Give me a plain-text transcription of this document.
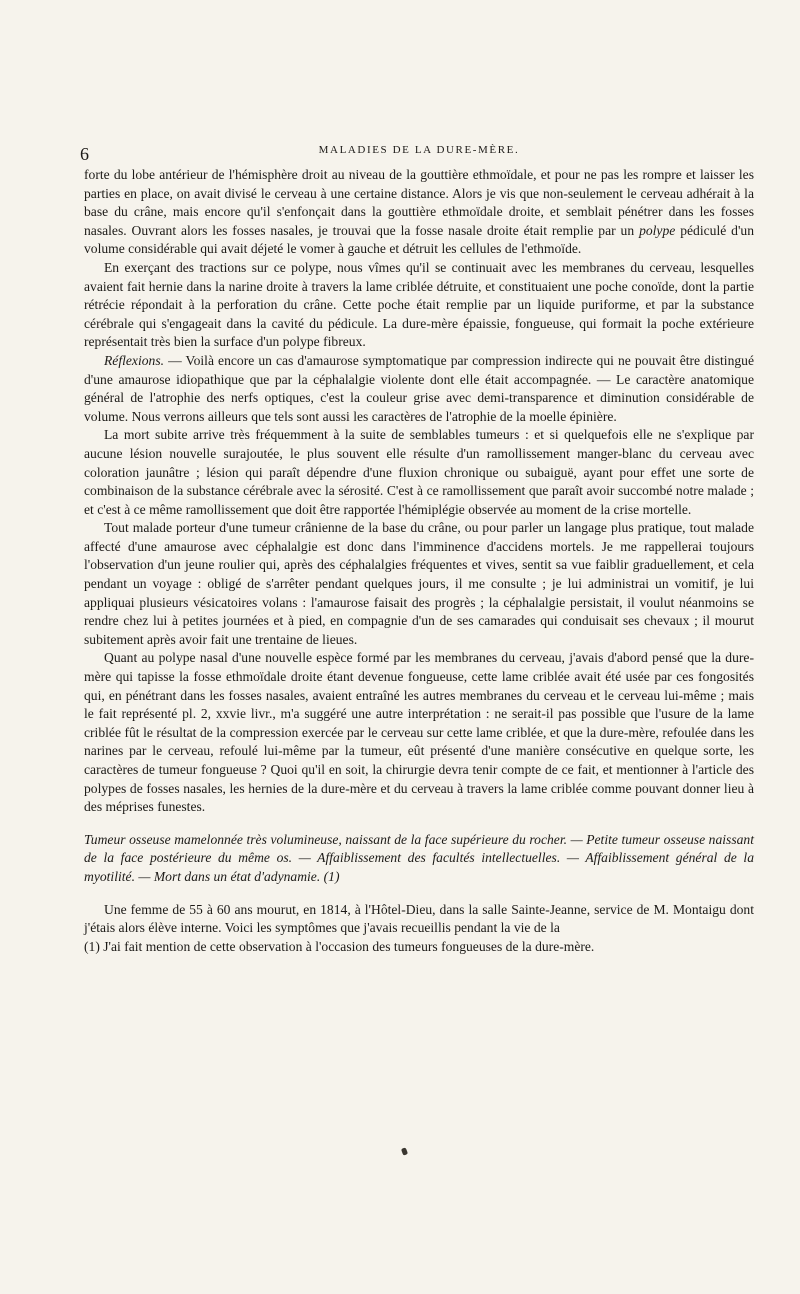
6	MALADIES DE LA DURE-MÈRE.

forte du lobe antérieur de l'hémisphère droit au niveau de la gouttière ethmoïdale, et pour ne pas les rompre et laisser les parties en place, on avait divisé le cerveau à une certaine distance. Alors je vis que non-seulement le cerveau adhérait à la base du crâne, mais encore qu'il s'enfonçait dans la gouttière ethmoïdale droite, et semblait pénétrer dans les fosses nasales. Ouvrant alors les fosses nasales, je trouvai que la fosse nasale droite était remplie par un polype pédiculé d'un volume considérable qui avait déjeté le vomer à gauche et détruit les cellules de l'ethmoïde.

En exerçant des tractions sur ce polype, nous vîmes qu'il se continuait avec les membranes du cerveau, lesquelles avaient fait hernie dans la narine droite à travers la lame criblée détruite, et constituaient une poche conoïde, dont la partie rétrécie répondait à la perforation du crâne. Cette poche était remplie par un liquide puriforme, et par la substance cérébrale qui s'engageait dans la cavité du pédicule. La dure-mère épaissie, fongueuse, qui formait la poche extérieure représentait très bien la surface d'un polype fibreux.

Réflexions. — Voilà encore un cas d'amaurose symptomatique par compression indirecte qui ne pouvait être distingué d'une amaurose idiopathique que par la céphalalgie violente dont elle était accompagnée. — Le caractère anatomique général de l'atrophie des nerfs optiques, c'est la couleur grise avec demi-transparence et diminution considérable de volume. Nous verrons ailleurs que tels sont aussi les caractères de l'atrophie de la moelle épinière.

La mort subite arrive très fréquemment à la suite de semblables tumeurs : et si quelquefois elle ne s'explique par aucune lésion nouvelle surajoutée, le plus souvent elle résulte d'un ramollissement manger-blanc du cerveau avec coloration jaunâtre ; lésion qui paraît dépendre d'une fluxion chronique ou subaiguë, ayant pour effet une sorte de combinaison de la substance cérébrale avec la sérosité. C'est à ce ramollissement que paraît avoir succombé notre malade ; et c'est à ce même ramollissement que doit être rapportée l'hémiplégie observée au moment de la crise mortelle.

Tout malade porteur d'une tumeur crânienne de la base du crâne, ou pour parler un langage plus pratique, tout malade affecté d'une amaurose avec céphalalgie est donc dans l'imminence d'accidens mortels. Je me rappellerai toujours l'observation d'un jeune roulier qui, après des céphalalgies fréquentes et vives, sentit sa vue faiblir graduellement, et cela pendant un voyage : obligé de s'arrêter pendant quelques jours, il me consulte ; je lui administrai un vomitif, je lui appliquai plusieurs vésicatoires volans : l'amaurose faisait des progrès ; la céphalalgie persistait, il voulut néanmoins se rendre chez lui à petites journées et à pied, en compagnie d'un de ses camarades qui conduisait ses chevaux ; il mourut subitement après avoir fait une trentaine de lieues.

Quant au polype nasal d'une nouvelle espèce formé par les membranes du cerveau, j'avais d'abord pensé que la dure-mère qui tapisse la fosse ethmoïdale droite étant devenue fongueuse, cette lame criblée avait été usée par ces fongosités qui, en pénétrant dans les fosses nasales, avaient entraîné les autres membranes du cerveau et le cerveau lui-même ; mais le fait représenté pl. 2, xxvie livr., m'a suggéré une autre interprétation : ne serait-il pas possible que l'usure de la lame criblée fût le résultat de la compression exercée par le cerveau sur cette lame criblée, et que la dure-mère, refoulée dans les narines par le cerveau, refoulé lui-même par la tumeur, eût présenté d'une manière consécutive en quelque sorte, les caractères de tumeur fongueuse ? Quoi qu'il en soit, la chirurgie devra tenir compte de ce fait, et mentionner à l'article des polypes de fosses nasales, les hernies de la dure-mère et du cerveau à travers la lame criblée comme pouvant donner lieu à des méprises funestes.

Tumeur osseuse mamelonnée très volumineuse, naissant de la face supérieure du rocher. — Petite tumeur osseuse naissant de la face postérieure du même os. — Affaiblissement des facultés intellectuelles. — Affaiblissement général de la myotilité. — Mort dans un état d'adynamie. (1)

Une femme de 55 à 60 ans mourut, en 1814, à l'Hôtel-Dieu, dans la salle Sainte-Jeanne, service de M. Montaigu dont j'étais alors élève interne. Voici les symptômes que j'avais recueillis pendant la vie de la

(1) J'ai fait mention de cette observation à l'occasion des tumeurs fongueuses de la dure-mère.
